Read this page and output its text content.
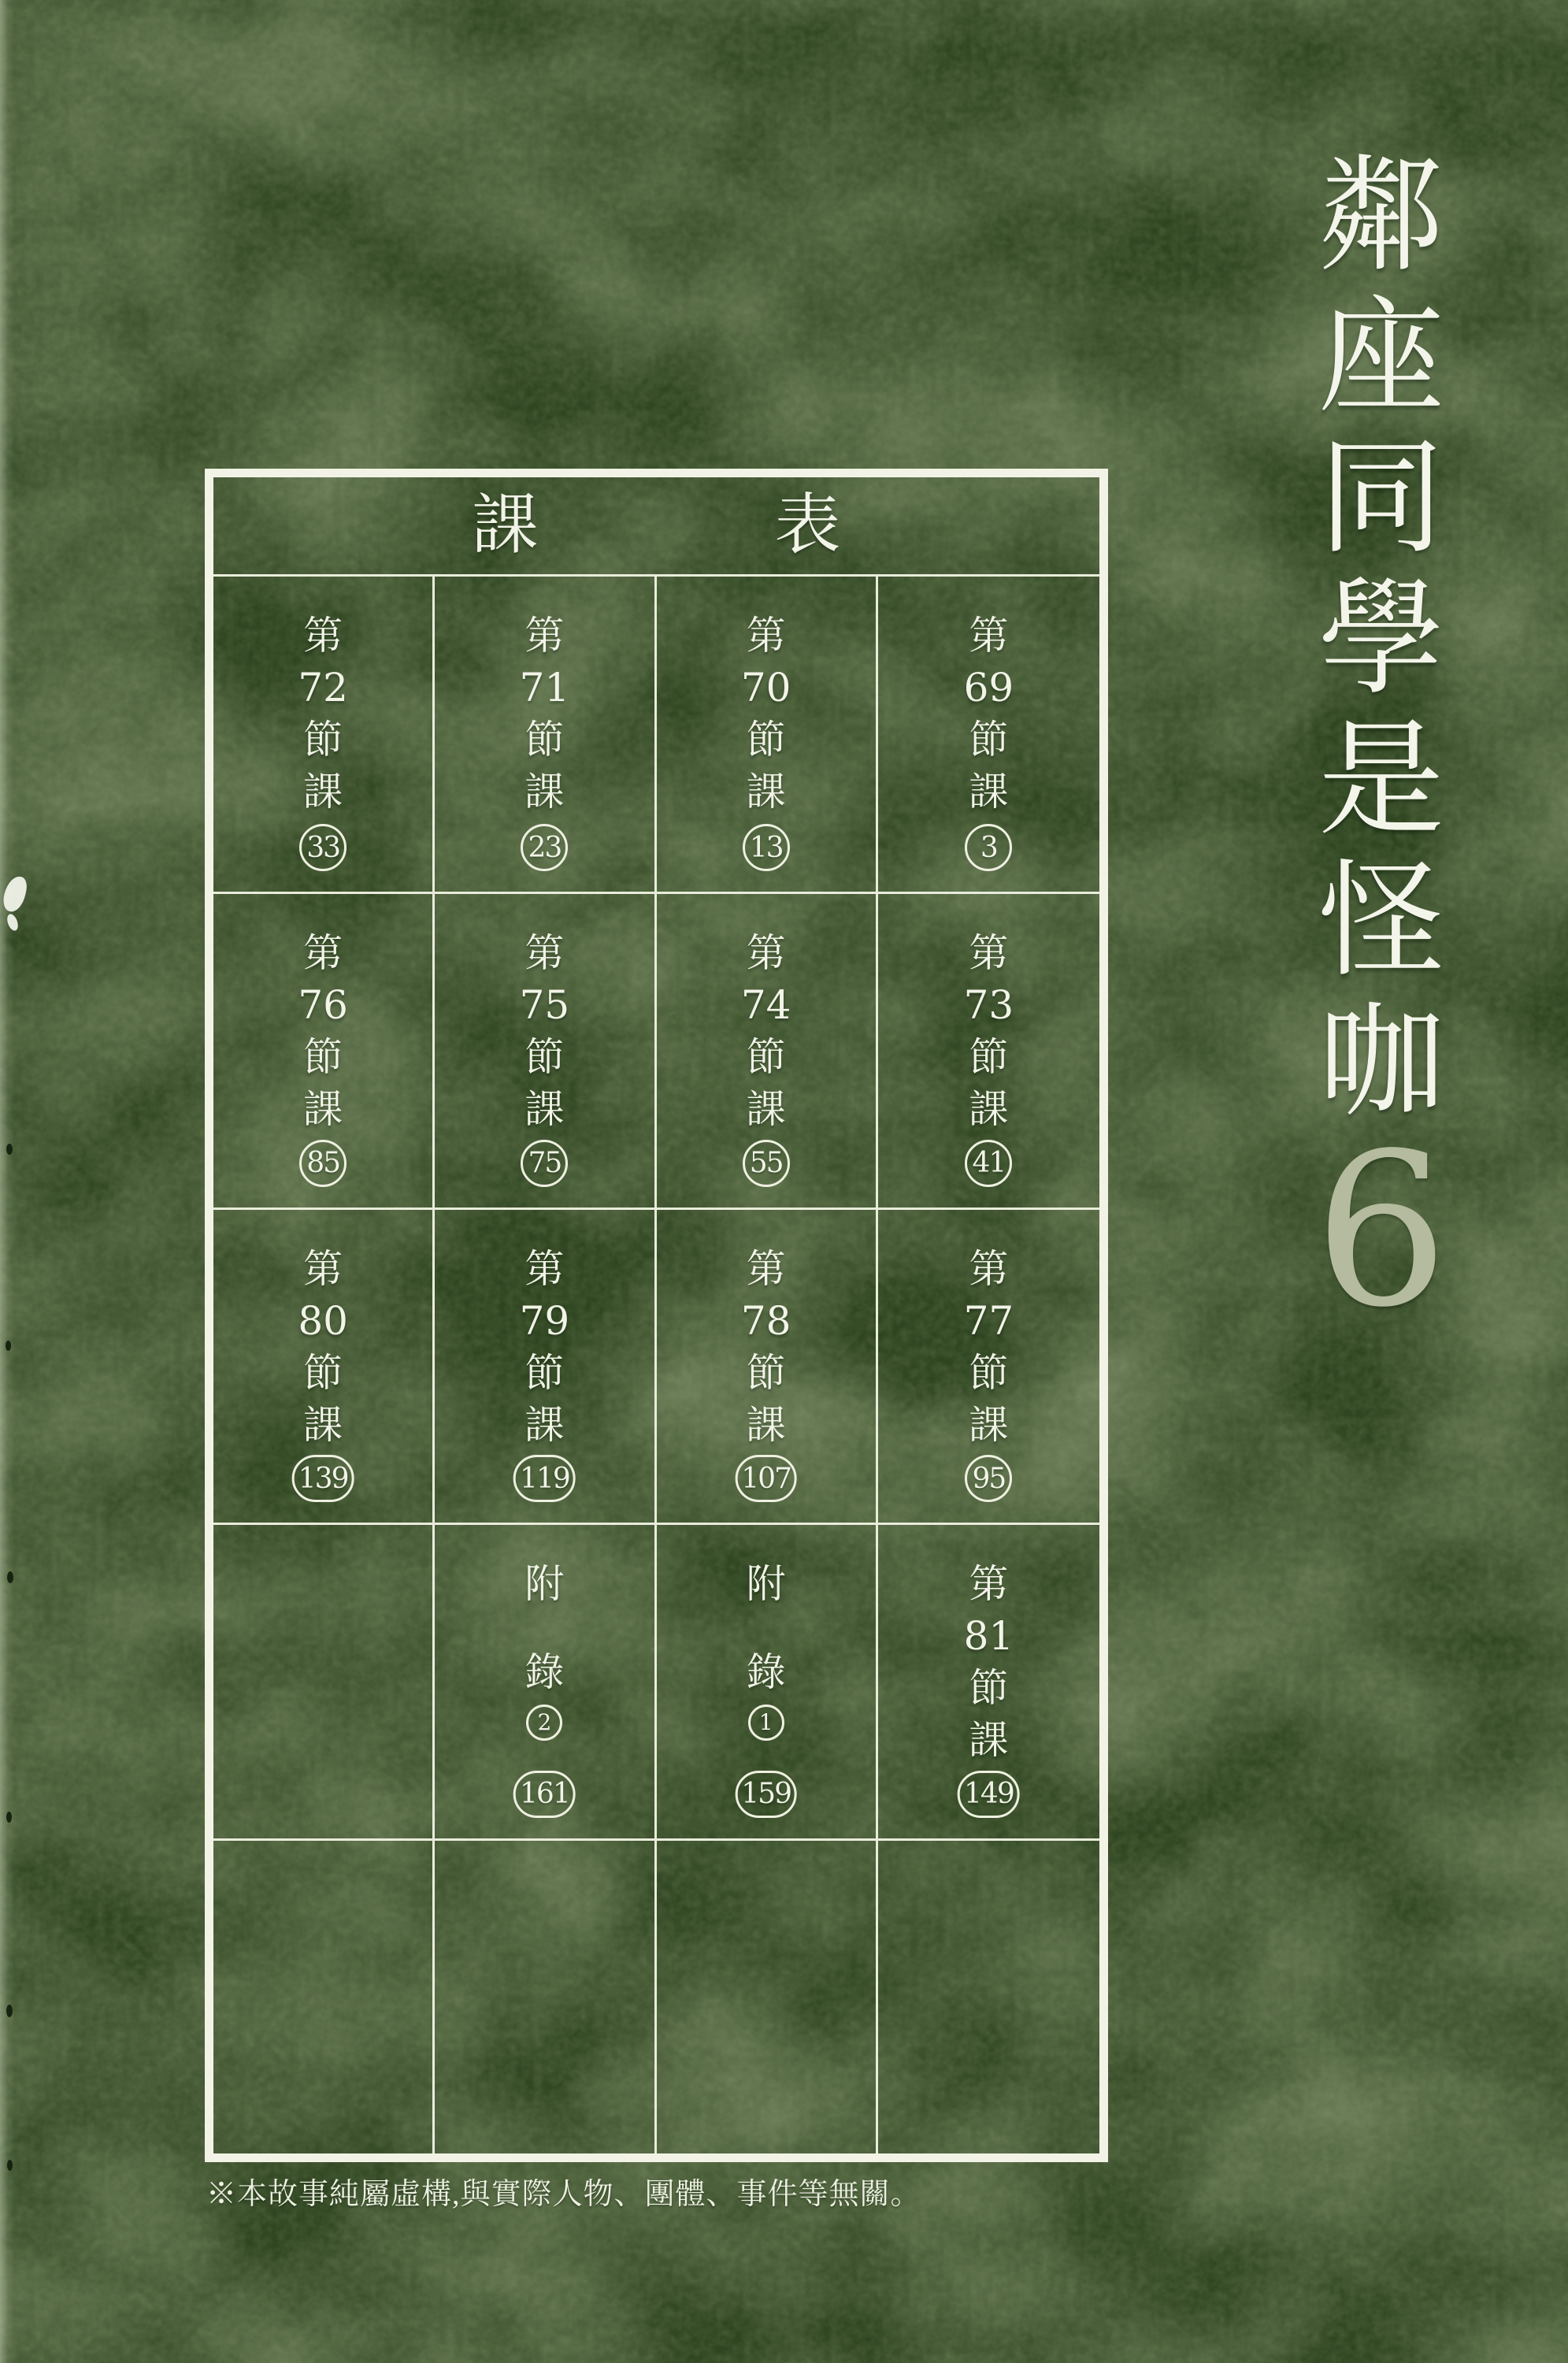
課	表
第
72
節
課
33
第
71
節
課
23
第
70
節
課
13
第
69
節
課
3
第
76
節
課
85
第
75
節
課
75
第
74
節
課
55
第
73
節
課
41
第
80
節
課
139
第
79
節
課
119
第
78
節
課
107
第
77
節
課
95
附
錄
2
161
附
錄
1
159
第
81
節
課
149
※本故事純屬虛構,與實際人物、團體、事件等無關。
鄰
座
同
學
是
怪
咖
6
